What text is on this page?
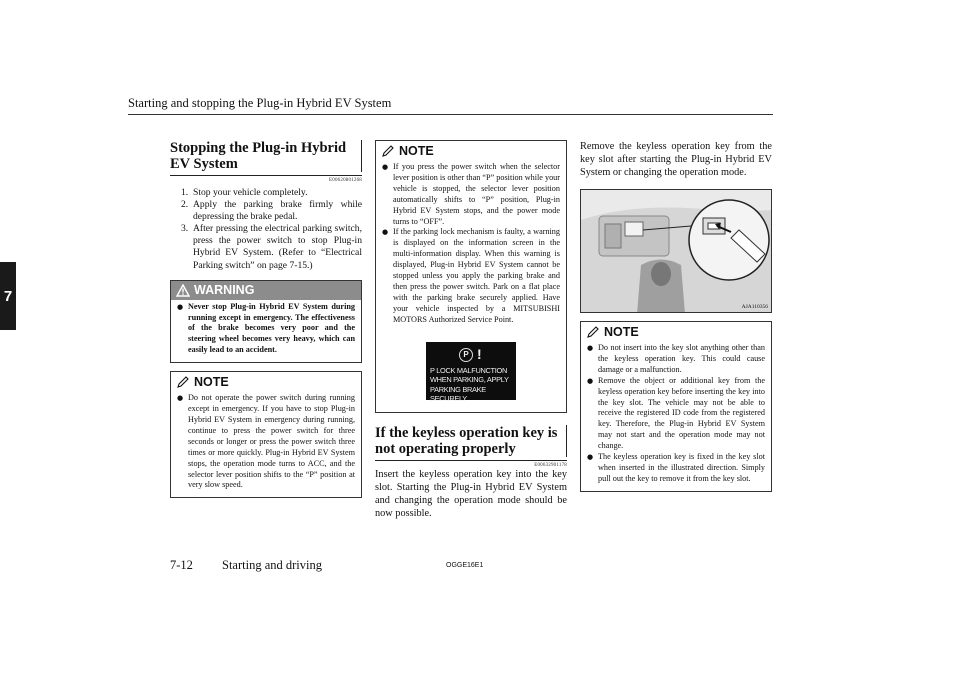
Starting and stopping the Plug-in Hybrid EV System
7
Stopping the Plug-in Hybrid EV System
E00620801268
1. Stop your vehicle completely.
2. Apply the parking brake firmly while depressing the brake pedal.
3. After pressing the electrical parking switch, press the power switch to stop Plug-in Hybrid EV System. (Refer to “Electrical Parking switch” on page 7-15.)
WARNING
● Never stop Plug-in Hybrid EV System during running except in emergency. The effectiveness of the brake becomes very poor and the steering wheel becomes very heavy, which can easily lead to an accident.
NOTE
● Do not operate the power switch during running except in emergency. If you have to stop Plug-in Hybrid EV System in emergency during running, continue to press the power switch for three seconds or longer or press the power switch three times or more quickly. Plug-in Hybrid EV System stops, the operation mode turns to ACC, and the selector lever position shifts to the “P” position at very slow speed.
NOTE
● If you press the power switch when the selector lever position is other than “P” position while your vehicle is stopped, the selector lever position automatically shifts to “P” position, Plug-in Hybrid EV System stops, and the power mode turns to “OFF”.
● If the parking lock mechanism is faulty, a warning is displayed on the information screen in the multi-information display. When this warning is displayed, Plug-in Hybrid EV System cannot be stopped unless you apply the parking brake and then press the power switch. Park on a flat place with the parking brake securely applied. Have your vehicle inspected by a MITSUBISHI MOTORS Authorized Service Point.
P !
P LOCK MALFUNCTION
WHEN PARKING, APPLY
PARKING BRAKE SECURELY
If the keyless operation key is not operating properly
E00632901178

Insert the keyless operation key into the key slot. Starting the Plug-in Hybrid EV System and changing the operation mode should be now possible.

Remove the keyless operation key from the key slot after starting the Plug-in Hybrid EV System or changing the operation mode.

AJA110356
NOTE
● Do not insert into the key slot anything other than the keyless operation key. This could cause damage or a malfunction.
● Remove the object or additional key from the keyless operation key before inserting the key into the key slot. The vehicle may not be able to receive the registered ID code from the registered key. Therefore, the Plug-in Hybrid EV System may not start and the operation mode may not change.
● The keyless operation key is fixed in the key slot when inserted in the illustrated direction. Simply pull out the key to remove it from the key slot.
7-12 Starting and driving	OGGE16E1
